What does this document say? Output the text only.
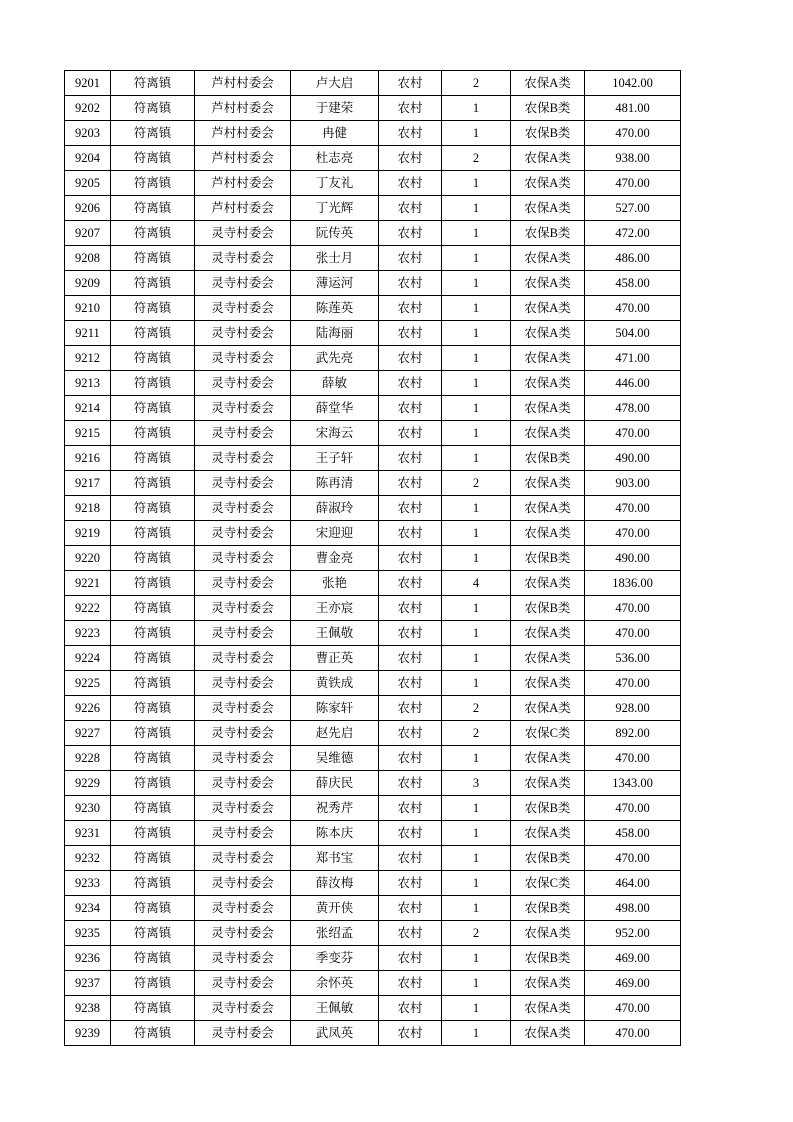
9201	符离镇	芦村村委会	卢大启	农村	2	农保A类	1042.00
9202	符离镇	芦村村委会	于建荣	农村	1	农保B类	481.00
9203	符离镇	芦村村委会	冉健	农村	1	农保B类	470.00
9204	符离镇	芦村村委会	杜志亮	农村	2	农保A类	938.00
9205	符离镇	芦村村委会	丁友礼	农村	1	农保A类	470.00
9206	符离镇	芦村村委会	丁光辉	农村	1	农保A类	527.00
9207	符离镇	灵寺村委会	阮传英	农村	1	农保B类	472.00
9208	符离镇	灵寺村委会	张士月	农村	1	农保A类	486.00
9209	符离镇	灵寺村委会	薄运河	农村	1	农保A类	458.00
9210	符离镇	灵寺村委会	陈莲英	农村	1	农保A类	470.00
9211	符离镇	灵寺村委会	陆海丽	农村	1	农保A类	504.00
9212	符离镇	灵寺村委会	武先亮	农村	1	农保A类	471.00
9213	符离镇	灵寺村委会	薛敏	农村	1	农保A类	446.00
9214	符离镇	灵寺村委会	薛堂华	农村	1	农保A类	478.00
9215	符离镇	灵寺村委会	宋海云	农村	1	农保A类	470.00
9216	符离镇	灵寺村委会	王子轩	农村	1	农保B类	490.00
9217	符离镇	灵寺村委会	陈再清	农村	2	农保A类	903.00
9218	符离镇	灵寺村委会	薛淑玲	农村	1	农保A类	470.00
9219	符离镇	灵寺村委会	宋迎迎	农村	1	农保A类	470.00
9220	符离镇	灵寺村委会	曹金亮	农村	1	农保B类	490.00
9221	符离镇	灵寺村委会	张艳	农村	4	农保A类	1836.00
9222	符离镇	灵寺村委会	王亦宸	农村	1	农保B类	470.00
9223	符离镇	灵寺村委会	王佩敬	农村	1	农保A类	470.00
9224	符离镇	灵寺村委会	曹正英	农村	1	农保A类	536.00
9225	符离镇	灵寺村委会	黄铁成	农村	1	农保A类	470.00
9226	符离镇	灵寺村委会	陈家轩	农村	2	农保A类	928.00
9227	符离镇	灵寺村委会	赵先启	农村	2	农保C类	892.00
9228	符离镇	灵寺村委会	吴维德	农村	1	农保A类	470.00
9229	符离镇	灵寺村委会	薛庆民	农村	3	农保A类	1343.00
9230	符离镇	灵寺村委会	祝秀芹	农村	1	农保B类	470.00
9231	符离镇	灵寺村委会	陈本庆	农村	1	农保A类	458.00
9232	符离镇	灵寺村委会	郑书宝	农村	1	农保B类	470.00
9233	符离镇	灵寺村委会	薛汝梅	农村	1	农保C类	464.00
9234	符离镇	灵寺村委会	黄开侠	农村	1	农保B类	498.00
9235	符离镇	灵寺村委会	张绍孟	农村	2	农保A类	952.00
9236	符离镇	灵寺村委会	季变芬	农村	1	农保B类	469.00
9237	符离镇	灵寺村委会	余怀英	农村	1	农保A类	469.00
9238	符离镇	灵寺村委会	王佩敏	农村	1	农保A类	470.00
9239	符离镇	灵寺村委会	武凤英	农村	1	农保A类	470.00
